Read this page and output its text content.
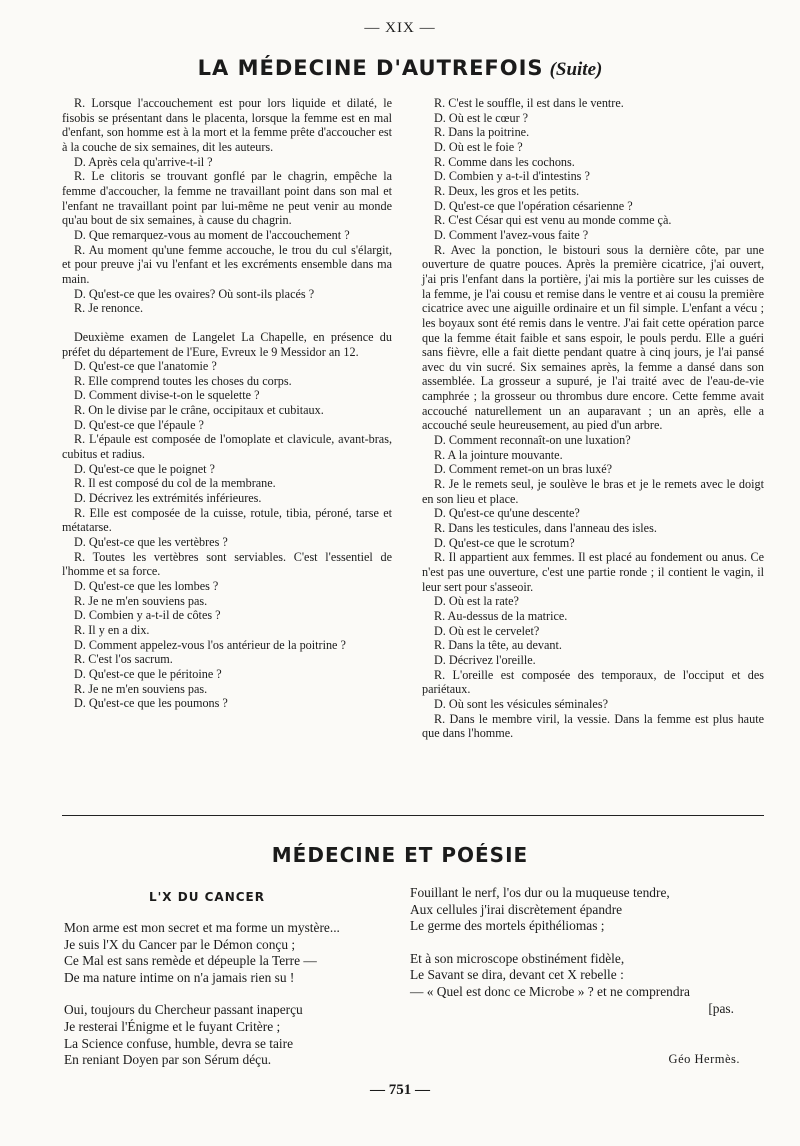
— XIX —
LA MÉDECINE D'AUTREFOIS (Suite)

R. Lorsque l'accouchement est pour lors liquide et dilaté, le fisobis se présentant dans le placenta, lorsque la femme est en mal d'enfant, son homme est à la mort et la femme prête d'accoucher est à la couche de six semaines, dit les auteurs.

D. Après cela qu'arrive-t-il ?

R. Le clitoris se trouvant gonflé par le chagrin, empêche la femme d'accoucher, la femme ne travaillant point dans son mal et l'enfant ne travaillant point par lui-même ne peut venir au monde qu'au bout de six semaines, à cause du chagrin.

D. Que remarquez-vous au moment de l'accouchement ?

R. Au moment qu'une femme accouche, le trou du cul s'élargit, et pour preuve j'ai vu l'enfant et les excréments ensemble dans ma main.

D. Qu'est-ce que les ovaires? Où sont-ils placés ?

R. Je renonce.

Deuxième examen de Langelet La Chapelle, en présence du préfet du département de l'Eure, Evreux le 9 Messidor an 12.

D. Qu'est-ce que l'anatomie ?

R. Elle comprend toutes les choses du corps.

D. Comment divise-t-on le squelette ?

R. On le divise par le crâne, occipitaux et cubitaux.

D. Qu'est-ce que l'épaule ?

R. L'épaule est composée de l'omoplate et clavicule, avant-bras, cubitus et radius.

D. Qu'est-ce que le poignet ?

R. Il est composé du col de la membrane.

D. Décrivez les extrémités inférieures.

R. Elle est composée de la cuisse, rotule, tibia, péroné, tarse et métatarse.

D. Qu'est-ce que les vertèbres ?

R. Toutes les vertèbres sont serviables. C'est l'essentiel de l'homme et sa force.

D. Qu'est-ce que les lombes ?

R. Je ne m'en souviens pas.

D. Combien y a-t-il de côtes ?

R. Il y en a dix.

D. Comment appelez-vous l'os antérieur de la poitrine ?

R. C'est l'os sacrum.

D. Qu'est-ce que le péritoine ?

R. Je ne m'en souviens pas.

D. Qu'est-ce que les poumons ?

R. C'est le souffle, il est dans le ventre.

D. Où est le cœur ?

R. Dans la poitrine.

D. Où est le foie ?

R. Comme dans les cochons.

D. Combien y a-t-il d'intestins ?

R. Deux, les gros et les petits.

D. Qu'est-ce que l'opération césarienne ?

R. C'est César qui est venu au monde comme çà.

D. Comment l'avez-vous faite ?

R. Avec la ponction, le bistouri sous la dernière côte, par une ouverture de quatre pouces. Après la première cicatrice, j'ai ouvert, j'ai pris l'enfant dans la portière, j'ai mis la portière sur les cuisses de la femme, je l'ai cousu et remise dans le ventre et ai cousu la première cicatrice avec une aiguille ordinaire et un fil simple. L'enfant a vécu ; les boyaux sont été remis dans le ventre. J'ai fait cette opération parce que la femme était faible et sans espoir, le pouls perdu. Elle a guéri sans fièvre, elle a fait diette pendant quatre à cinq jours, je l'ai pansé avec du vin sucré. Six semaines après, la femme a dansé dans son assemblée. La grosseur a supuré, je l'ai traité avec de l'eau-de-vie camphrée ; la grosseur ou thrombus dure encore. Cette femme avait accouché naturellement un an auparavant ; un an après, elle a accouché seule heureusement, au pied d'un arbre.

D. Comment reconnaît-on une luxation?

R. A la jointure mouvante.

D. Comment remet-on un bras luxé?

R. Je le remets seul, je soulève le bras et je le remets avec le doigt en son lieu et place.

D. Qu'est-ce qu'une descente?

R. Dans les testicules, dans l'anneau des isles.

D. Qu'est-ce que le scrotum?

R. Il appartient aux femmes. Il est placé au fondement ou anus. Ce n'est pas une ouverture, c'est une partie ronde ; il contient le vagin, il leur sert pour s'asseoir.

D. Où est la rate?

R. Au-dessus de la matrice.

D. Où est le cervelet?

R. Dans la tête, au devant.

D. Décrivez l'oreille.

R. L'oreille est composée des temporaux, de l'occiput et des pariétaux.

D. Où sont les vésicules séminales?

R. Dans le membre viril, la vessie. Dans la femme est plus haute que dans l'homme.

MÉDECINE ET POÉSIE
L'X DU CANCER
Mon arme est mon secret et ma forme un mystère...
Je suis l'X du Cancer par le Démon conçu ;
Ce Mal est sans remède et dépeuple la Terre —
De ma nature intime on n'a jamais rien su !
Oui, toujours du Chercheur passant inaperçu
Je resterai l'Énigme et le fuyant Critère ;
La Science confuse, humble, devra se taire
En reniant Doyen par son Sérum déçu.
Fouillant le nerf, l'os dur ou la muqueuse tendre,
Aux cellules j'irai discrètement épandre
Le germe des mortels épithéliomas ;
Et à son microscope obstinément fidèle,
Le Savant se dira, devant cet X rebelle :
— « Quel est donc ce Microbe » ? et ne comprendra
[pas.
Géo Hermès.
— 751 —
